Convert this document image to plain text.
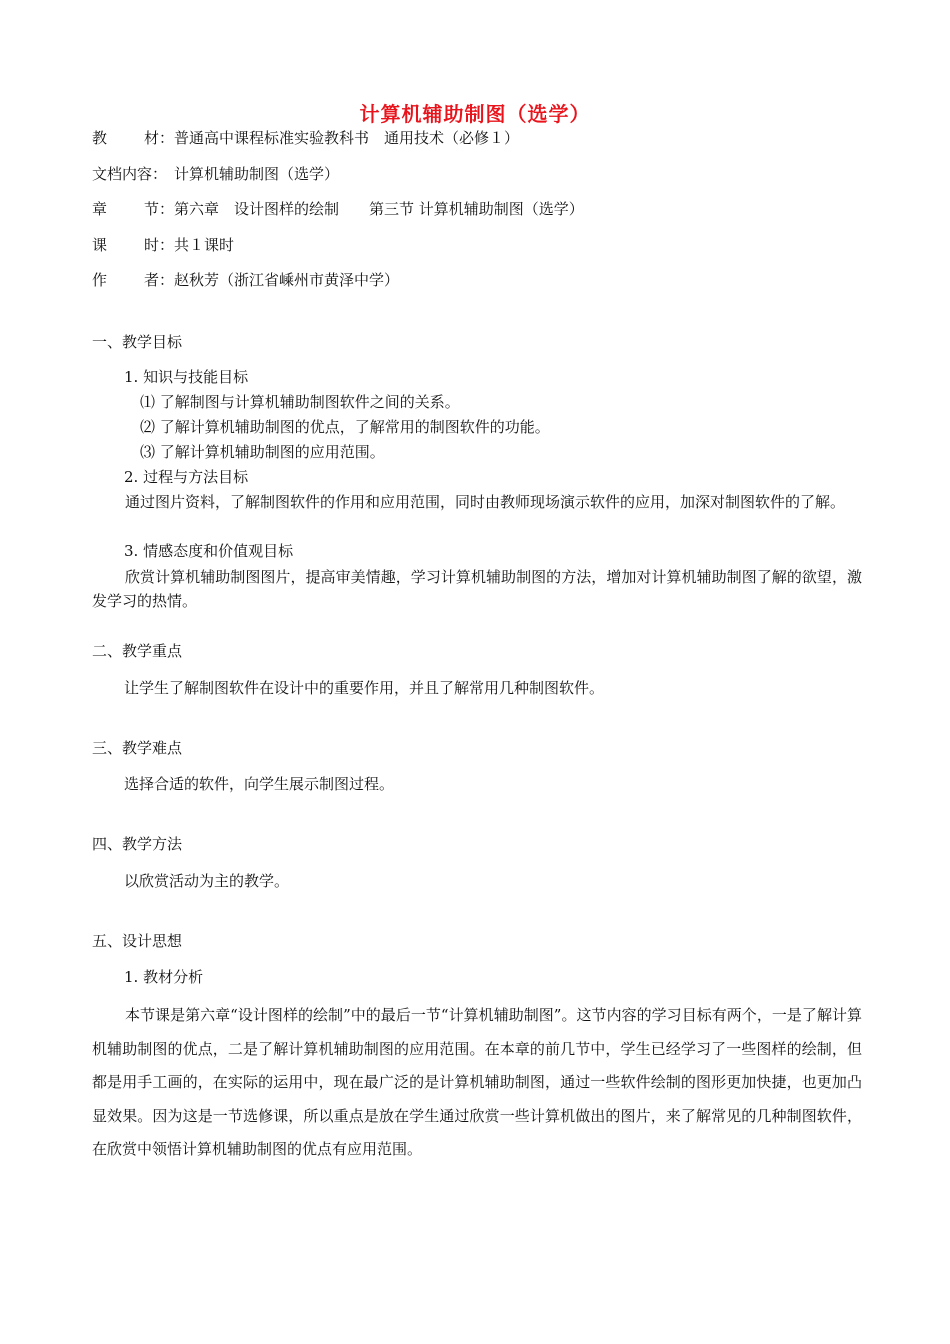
计算机辅助制图（选学）
教 材：普通高中课程标准实验教科书　通用技术（必修１）
文档内容： 计算机辅助制图（选学）
章 节：第六章　设计图样的绘制　　第三节 计算机辅助制图（选学）
课 时：共１课时
作 者：赵秋芳（浙江省嵊州市黄泽中学）
一、教学目标
1. 知识与技能目标
⑴ 了解制图与计算机辅助制图软件之间的关系。
⑵ 了解计算机辅助制图的优点，了解常用的制图软件的功能。
⑶ 了解计算机辅助制图的应用范围。
2. 过程与方法目标
通过图片资料，了解制图软件的作用和应用范围，同时由教师现场演示软件的应用，加深对制图软件的了解。
3. 情感态度和价值观目标
欣赏计算机辅助制图图片，提高审美情趣，学习计算机辅助制图的方法，增加对计算机辅助制图了解的欲望，激发学习的热情。
二、教学重点
让学生了解制图软件在设计中的重要作用，并且了解常用几种制图软件。
三、教学难点
选择合适的软件，向学生展示制图过程。
四、教学方法
以欣赏活动为主的教学。
五、设计思想
1. 教材分析
本节课是第六章“设计图样的绘制”中的最后一节“计算机辅助制图”。这节内容的学习目标有两个，一是了解计算机辅助制图的优点，二是了解计算机辅助制图的应用范围。在本章的前几节中，学生已经学习了一些图样的绘制，但都是用手工画的，在实际的运用中，现在最广泛的是计算机辅助制图，通过一些软件绘制的图形更加快捷，也更加凸显效果。因为这是一节选修课，所以重点是放在学生通过欣赏一些计算机做出的图片，来了解常见的几种制图软件，在欣赏中领悟计算机辅助制图的优点有应用范围。
